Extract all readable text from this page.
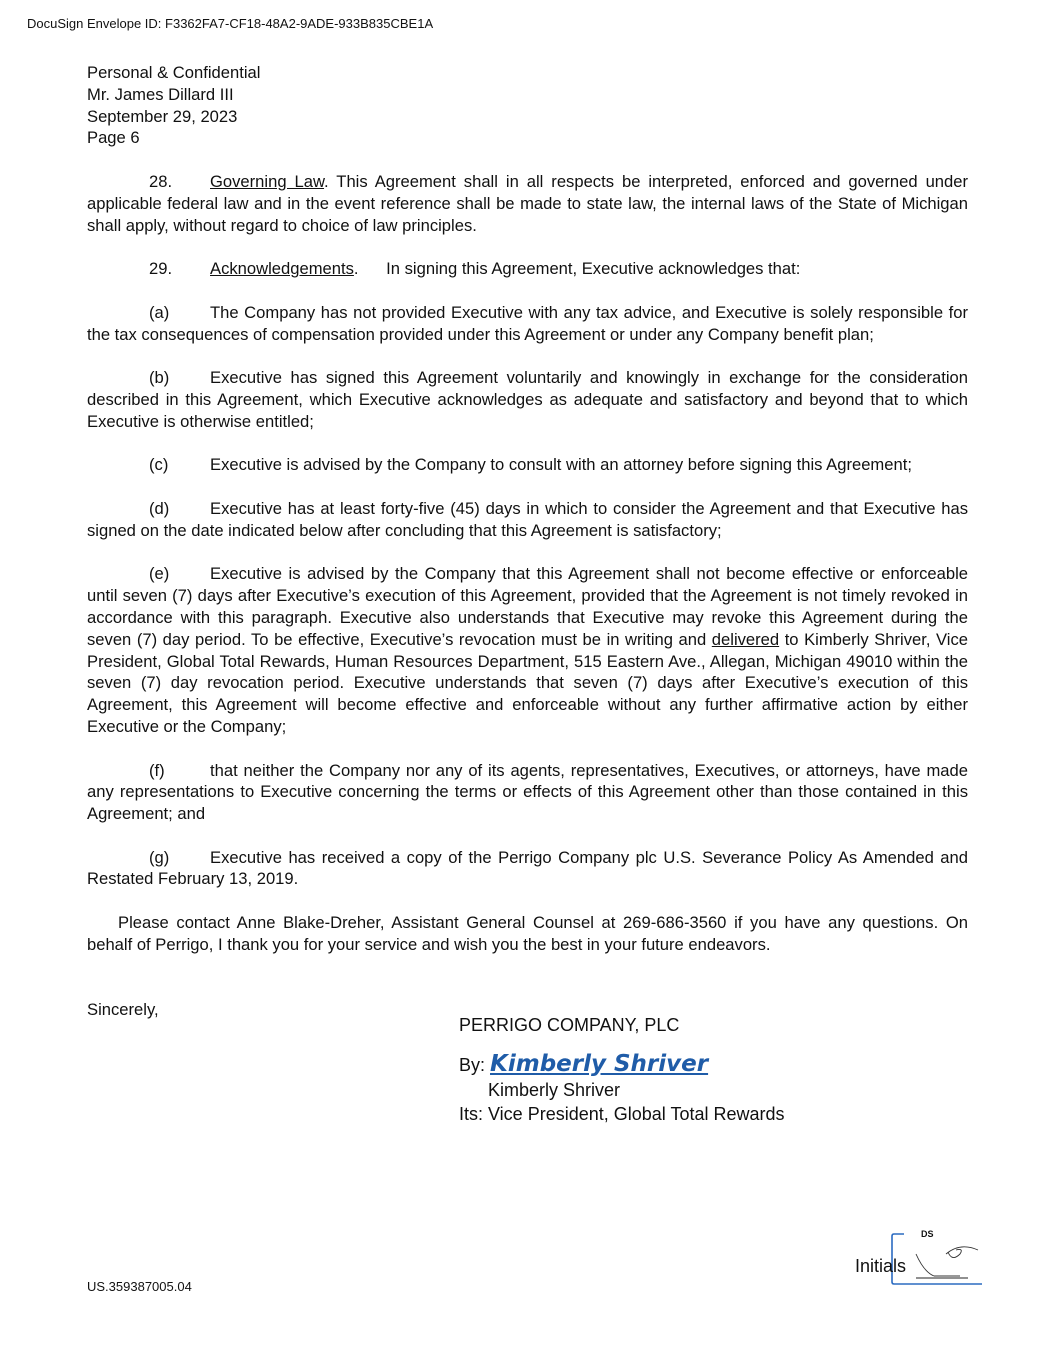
DocuSign Envelope ID: F3362FA7-CF18-48A2-9ADE-933B835CBE1A
Personal & Confidential
Mr. James Dillard III
September 29, 2023
Page 6

28. Governing Law. This Agreement shall in all respects be interpreted, enforced and governed under applicable federal law and in the event reference shall be made to state law, the internal laws of the State of Michigan shall apply, without regard to choice of law principles.

29. Acknowledgements.      In signing this Agreement, Executive acknowledges that:

(a) The Company has not provided Executive with any tax advice, and Executive is solely responsible for the tax consequences of compensation provided under this Agreement or under any Company benefit plan;

(b) Executive has signed this Agreement voluntarily and knowingly in exchange for the consideration described in this Agreement, which Executive acknowledges as adequate and satisfactory and beyond that to which Executive is otherwise entitled;

(c)	Executive is advised by the Company to consult with an attorney before signing this Agreement;

(d) Executive has at least forty-five (45) days in which to consider the Agreement and that Executive has signed on the date indicated below after concluding that this Agreement is satisfactory;

(e) Executive is advised by the Company that this Agreement shall not become effective or enforceable until seven (7) days after Executive’s execution of this Agreement, provided that the Agreement is not timely revoked in accordance with this paragraph. Executive also understands that Executive may revoke this Agreement during the seven (7) day period. To be effective, Executive’s revocation must be in writing and delivered to Kimberly Shriver, Vice President, Global Total Rewards, Human Resources Department, 515 Eastern Ave., Allegan, Michigan 49010 within the seven (7) day revocation period. Executive understands that seven (7) days after Executive’s execution of this Agreement, this Agreement will become effective and enforceable without any further affirmative action by either Executive or the Company;

(f)	that neither the Company nor any of its agents, representatives, Executives, or attorneys, have made any representations to Executive concerning the terms or effects of this Agreement other than those contained in this Agreement; and

(g) Executive has received a copy of the Perrigo Company plc U.S. Severance Policy As Amended and Restated February 13, 2019.

Please contact Anne Blake-Dreher, Assistant General Counsel at 269-686-3560 if you have any questions. On behalf of Perrigo, I thank you for your service and wish you the best in your future endeavors.

Sincerely,

PERRIGO COMPANY, PLC
By: Kimberly Shriver
Kimberly Shriver
Its: Vice President, Global Total Rewards
US.359387005.04
DS
Initials
